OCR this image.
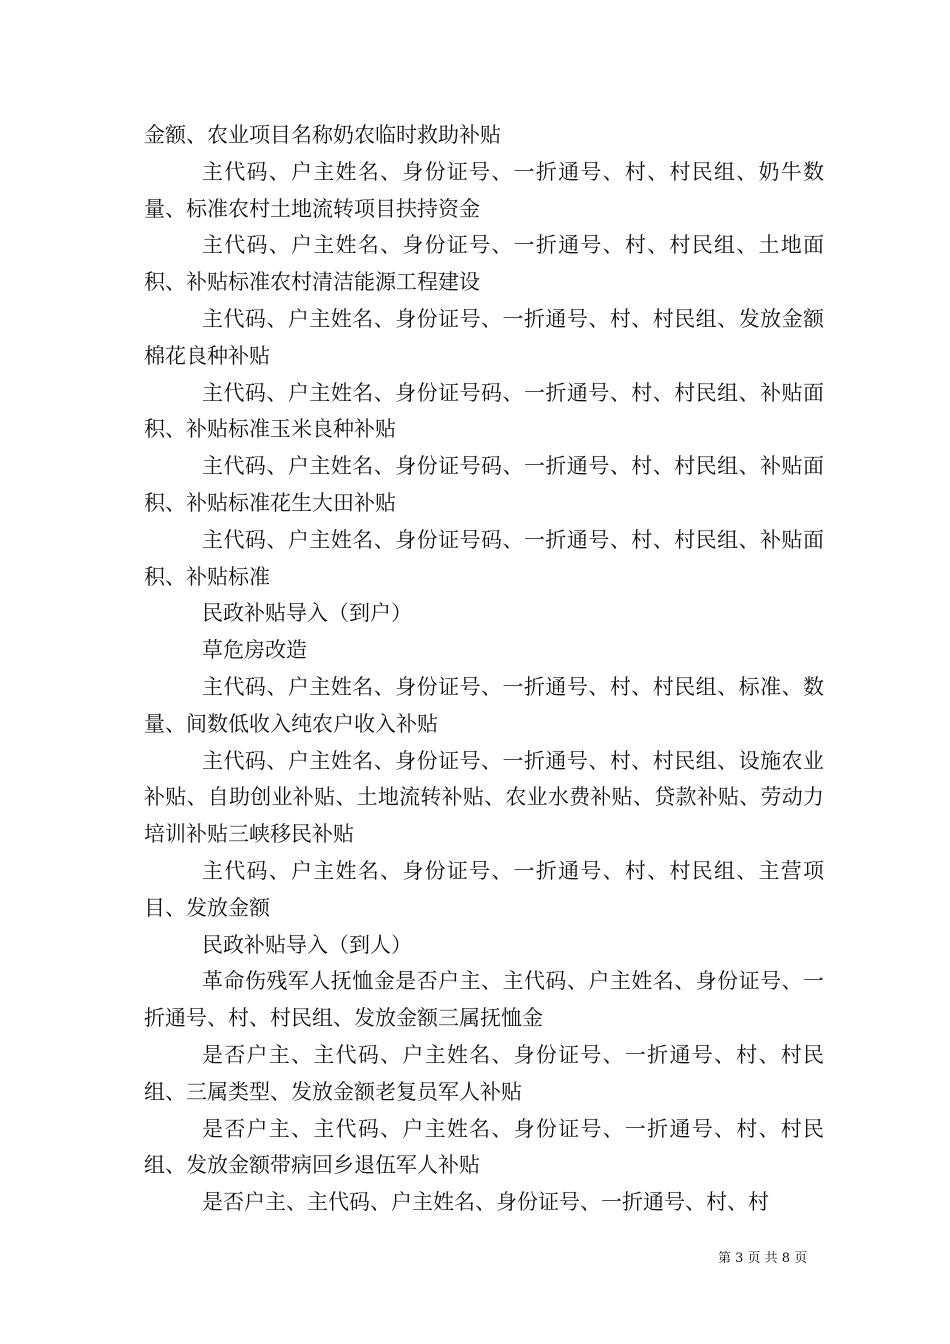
金额、农业项目名称奶农临时救助补贴

主代码、户主姓名、身份证号、一折通号、村、村民组、奶牛数量、标准农村土地流转项目扶持资金

主代码、户主姓名、身份证号、一折通号、村、村民组、土地面积、补贴标准农村清洁能源工程建设

主代码、户主姓名、身份证号、一折通号、村、村民组、发放金额棉花良种补贴

主代码、户主姓名、身份证号码、一折通号、村、村民组、补贴面积、补贴标准玉米良种补贴

主代码、户主姓名、身份证号码、一折通号、村、村民组、补贴面积、补贴标准花生大田补贴

主代码、户主姓名、身份证号码、一折通号、村、村民组、补贴面积、补贴标准

民政补贴导入（到户）

草危房改造

主代码、户主姓名、身份证号、一折通号、村、村民组、标准、数量、间数低收入纯农户收入补贴

主代码、户主姓名、身份证号、一折通号、村、村民组、设施农业补贴、自助创业补贴、土地流转补贴、农业水费补贴、贷款补贴、劳动力培训补贴三峡移民补贴

主代码、户主姓名、身份证号、一折通号、村、村民组、主营项目、发放金额

民政补贴导入（到人）

革命伤残军人抚恤金是否户主、主代码、户主姓名、身份证号、一折通号、村、村民组、发放金额三属抚恤金

是否户主、主代码、户主姓名、身份证号、一折通号、村、村民组、三属类型、发放金额老复员军人补贴

是否户主、主代码、户主姓名、身份证号、一折通号、村、村民组、发放金额带病回乡退伍军人补贴

是否户主、主代码、户主姓名、身份证号、一折通号、村、村

第 3 页 共 8 页
